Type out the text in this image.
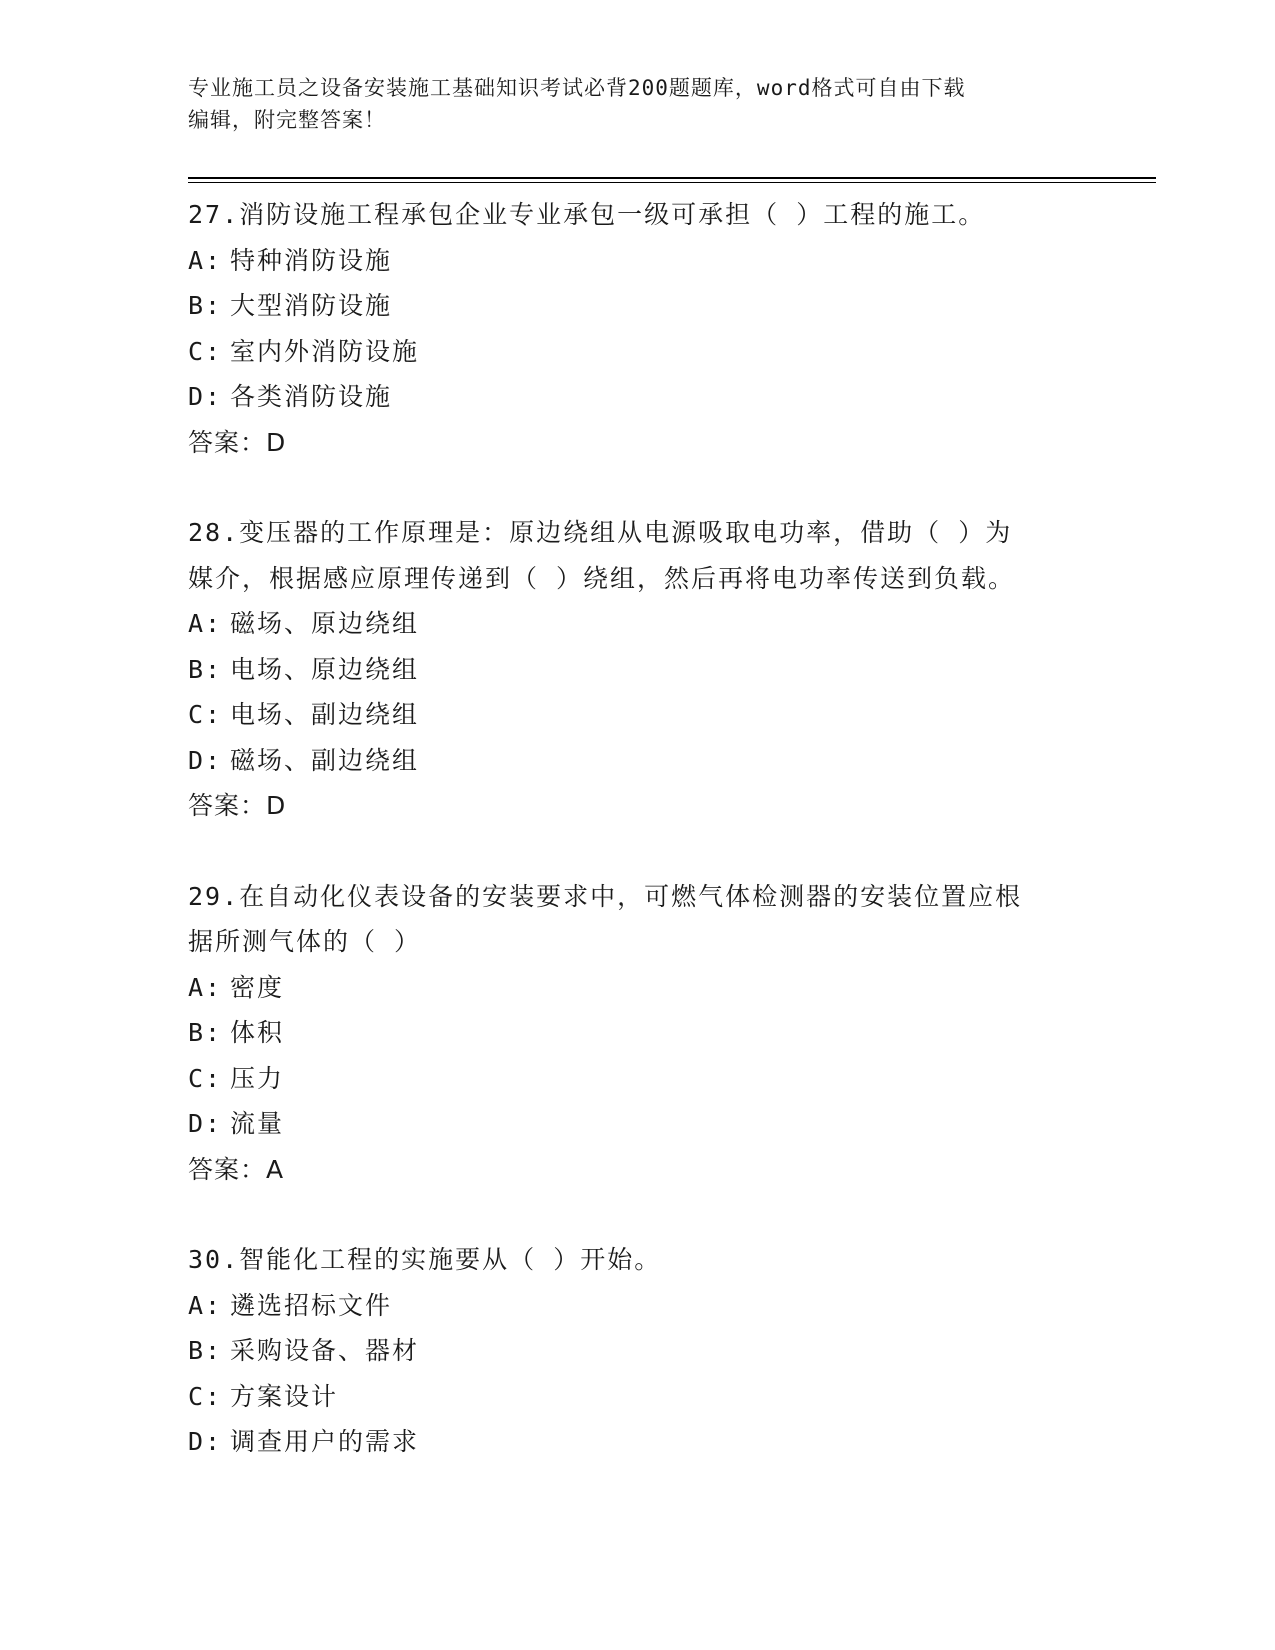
专业施工员之设备安装施工基础知识考试必背200题题库，word格式可自由下载
编辑，附完整答案！
27.消防设施工程承包企业专业承包一级可承担（ ）工程的施工。
A: 特种消防设施
B: 大型消防设施
C: 室内外消防设施
D: 各类消防设施
答案：D
28.变压器的工作原理是：原边绕组从电源吸取电功率，借助（ ）为
媒介，根据感应原理传递到（ ）绕组，然后再将电功率传送到负载。
A: 磁场、原边绕组
B: 电场、原边绕组
C: 电场、副边绕组
D: 磁场、副边绕组
答案：D
29.在自动化仪表设备的安装要求中，可燃气体检测器的安装位置应根
据所测气体的（ ）
A: 密度
B: 体积
C: 压力
D: 流量
答案：A
30.智能化工程的实施要从（ ）开始。
A: 遴选招标文件
B: 采购设备、器材
C: 方案设计
D: 调查用户的需求
